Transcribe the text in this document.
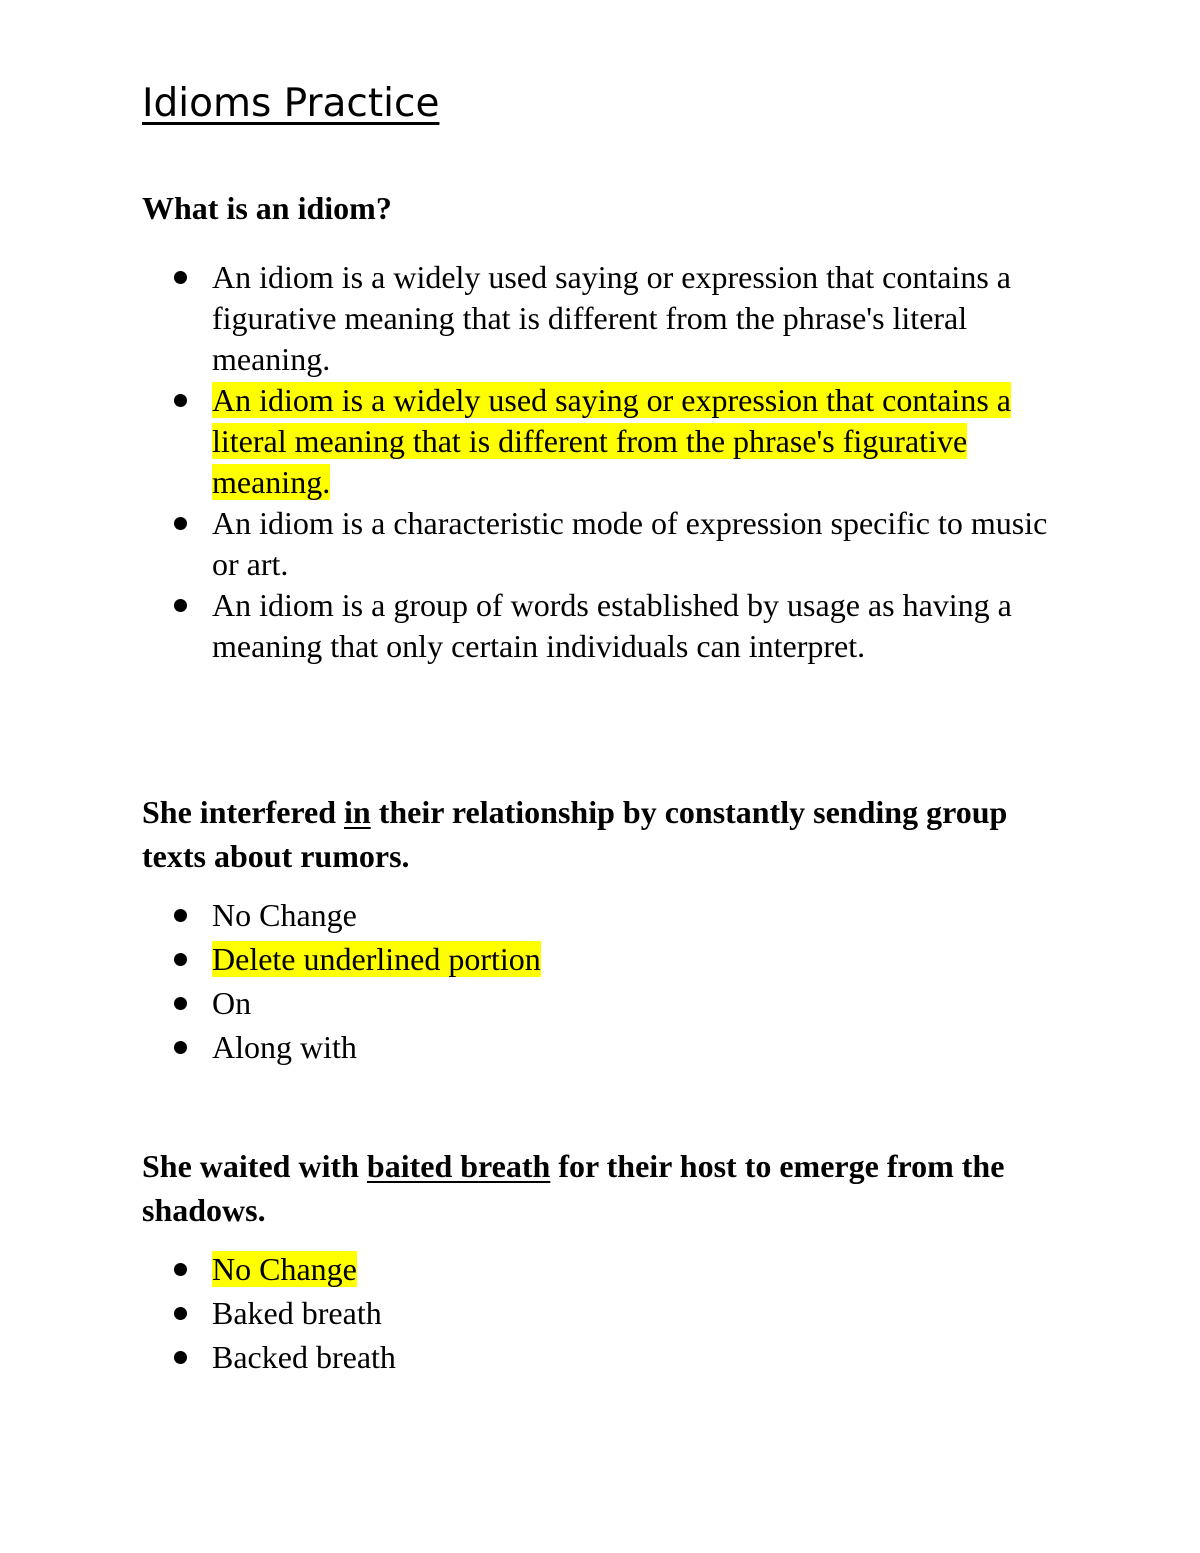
Idioms Practice

What is an idiom?

An idiom is a widely used saying or expression that contains a figurative meaning that is different from the phrase's literal meaning.
An idiom is a widely used saying or expression that contains a literal meaning that is different from the phrase's figurative meaning.
An idiom is a characteristic mode of expression specific to music or art.
An idiom is a group of words established by usage as having a meaning that only certain individuals can interpret.

She interfered in their relationship by constantly sending group texts about rumors.

No Change
Delete underlined portion
On
Along with

She waited with baited breath for their host to emerge from the shadows.

No Change
Baked breath
Backed breath
